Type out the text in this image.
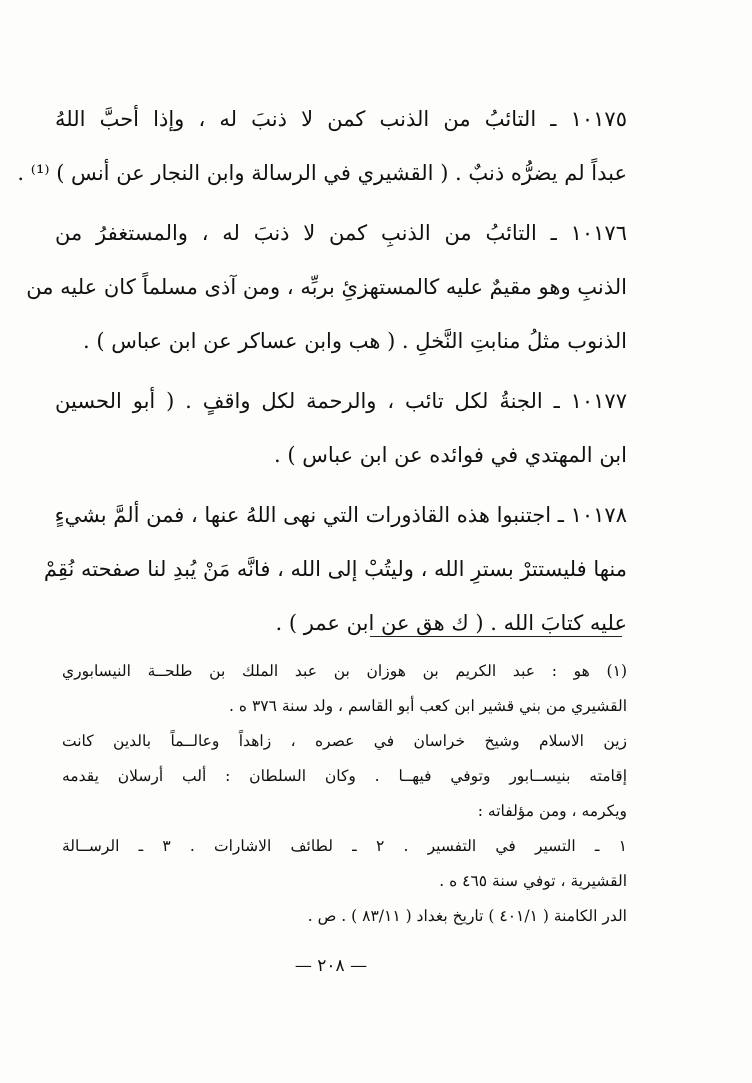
١٠١٧٥ ـ التائبُ من الذنب كمن لا ذنبَ له ، وإذا أحبَّ اللهُ
عبداً لم يضرُّه ذنبٌ . ( القشيري في الرسالة وابن النجار عن أنس ) ⁽¹⁾ .
١٠١٧٦ ـ التائبُ من الذنبِ كمن لا ذنبَ له ، والمستغفرُ من
الذنبِ وهو مقيمٌ عليه كالمستهزئِ بربِّه ، ومن آذى مسلماً كان عليه من
الذنوب مثلُ منابتِ النَّخلِ . ( هب وابن عساكر عن ابن عباس ) .
١٠١٧٧ ـ الجنةُ لكل تائب ، والرحمة لكل واقفٍ . ( أبو الحسين
ابن المهتدي في فوائده عن ابن عباس ) .
١٠١٧٨ ـ اجتنبوا هذه القاذورات التي نهى اللهُ عنها ، فمن ألمَّ بشيءٍ
منها فليستترْ بسترِ الله ، وليتُبْ إلى الله ، فانَّه مَنْ يُبدِ لنا صفحته نُقِمْ
عليه كتابَ الله . ( ك هق عن ابن عمر ) .
(١) هو : عبد الكريم بن هوزان بن عبد الملك بن طلحــة النيسابوري
القشيري من بني قشير ابن كعب أبو القاسم ، ولد سنة ٣٧٦ ه .
زين الاسلام وشيخ خراسان في عصره ، زاهداً وعالــماً بالدين كانت
إقامته بنيســابور وتوفي فيهــا . وكان السلطان : ألب أرسلان يقدمه
ويكرمه ، ومن مؤلفاته :
١ ـ التسير في التفسير . ٢ ـ لطائف الاشارات . ٣ ـ الرســالة
القشيرية ، توفي سنة ٤٦٥ ه .
الدر الكامنة ( ٤٠١/١ ) تاريخ بغداد ( ٨٣/١١ ) . ص .
— ٢٠٨ —
